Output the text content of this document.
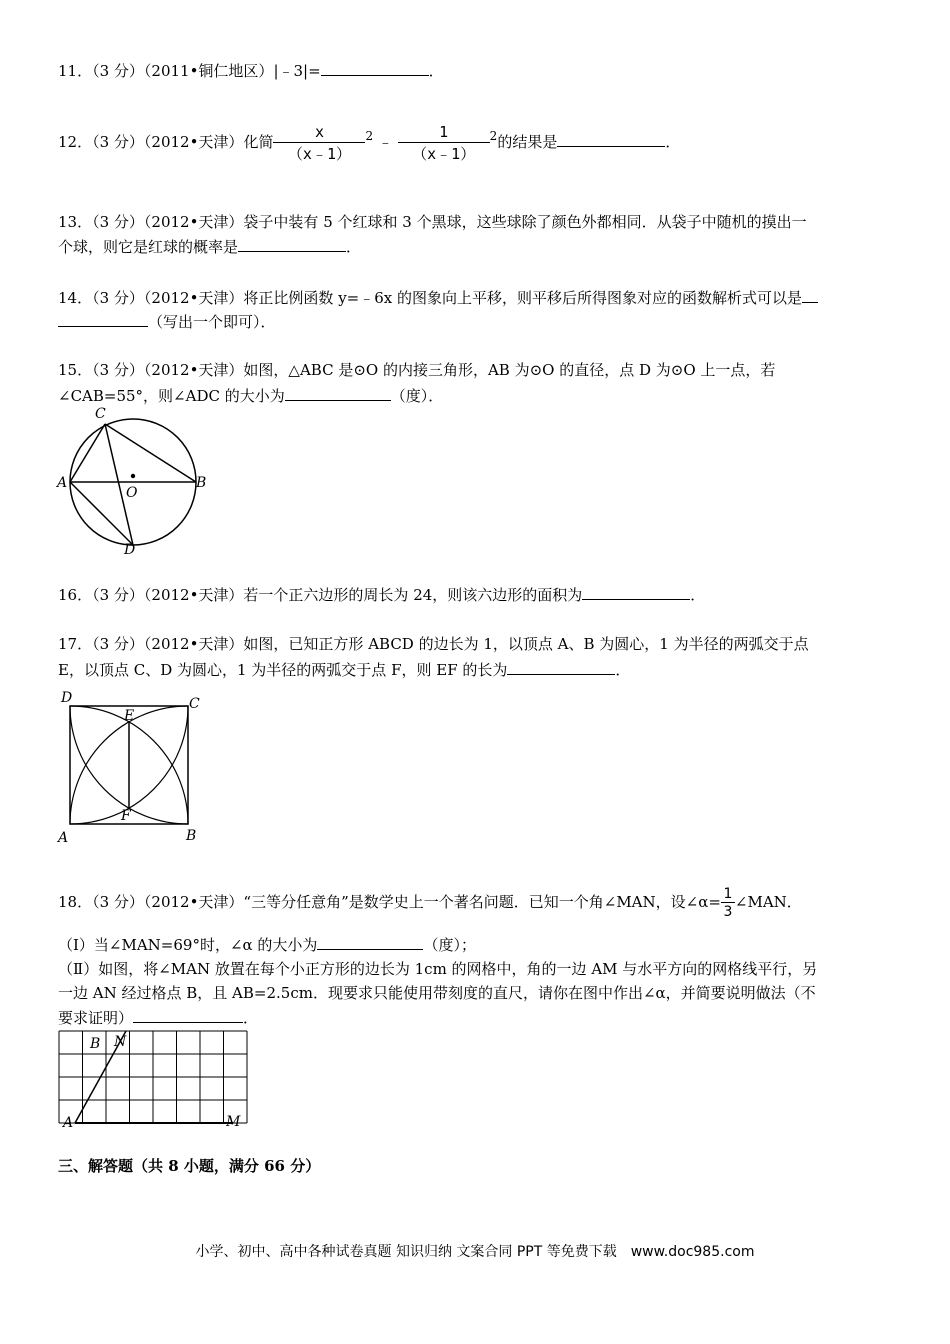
11．（3 分）（2011•铜仁地区）|﹣3|=	．
12．（3 分）（2012•天津）化简 $\frac{x}{(x﹣1)} ^2$ ﹣ $\frac{1}{(x﹣1)} ^2$的结果是	．
13．（3 分）（2012•天津）袋子中装有 5 个红球和 3 个黑球，这些球除了颜色外都相同．从袋子中随机的摸出一
个球，则它是红球的概率是	．
14．（3 分）（2012•天津）将正比例函数 y=﹣6x 的图象向上平移，则平移后所得图象对应的函数解析式可以是
（写出一个即可）．
15．（3 分）（2012•天津）如图，△ABC 是⊙O 的内接三角形，AB 为⊙O 的直径，点 D 为⊙O 上一点，若
∠CAB=55°，则∠ADC 的大小为	（度）．
A	B
C
D
O
16．（3 分）（2012•天津）若一个正六边形的周长为 24，则该六边形的面积为	．
17．（3 分）（2012•天津）如图，已知正方形 ABCD 的边长为 1，以顶点 A、B 为圆心，1 为半径的两弧交于点
E，以顶点 C、D 为圆心，1 为半径的两弧交于点 F，则 EF 的长为	．
D	C
E
F
A	B
18．（3 分）（2012•天津）“三等分任意角”是数学史上一个著名问题．已知一个角∠MAN，设∠α= $\frac{1}{3}$ ∠MAN．
（Ⅰ）当∠MAN=69°时，∠α 的大小为	（度）；
（Ⅱ）如图，将∠MAN 放置在每个小正方形的边长为 1cm 的网格中，角的一边 AM 与水平方向的网格线平行，另
一边 AN 经过格点 B，且 AB=2.5cm．现要求只能使用带刻度的直尺，请你在图中作出∠α，并简要说明做法（不
要求证明）	．
A
B N
M
三、解答题（共 8 小题，满分 66 分）
小学、初中、高中各种试卷真题 知识归纳 文案合同 PPT 等免费下载　www.doc985.com
